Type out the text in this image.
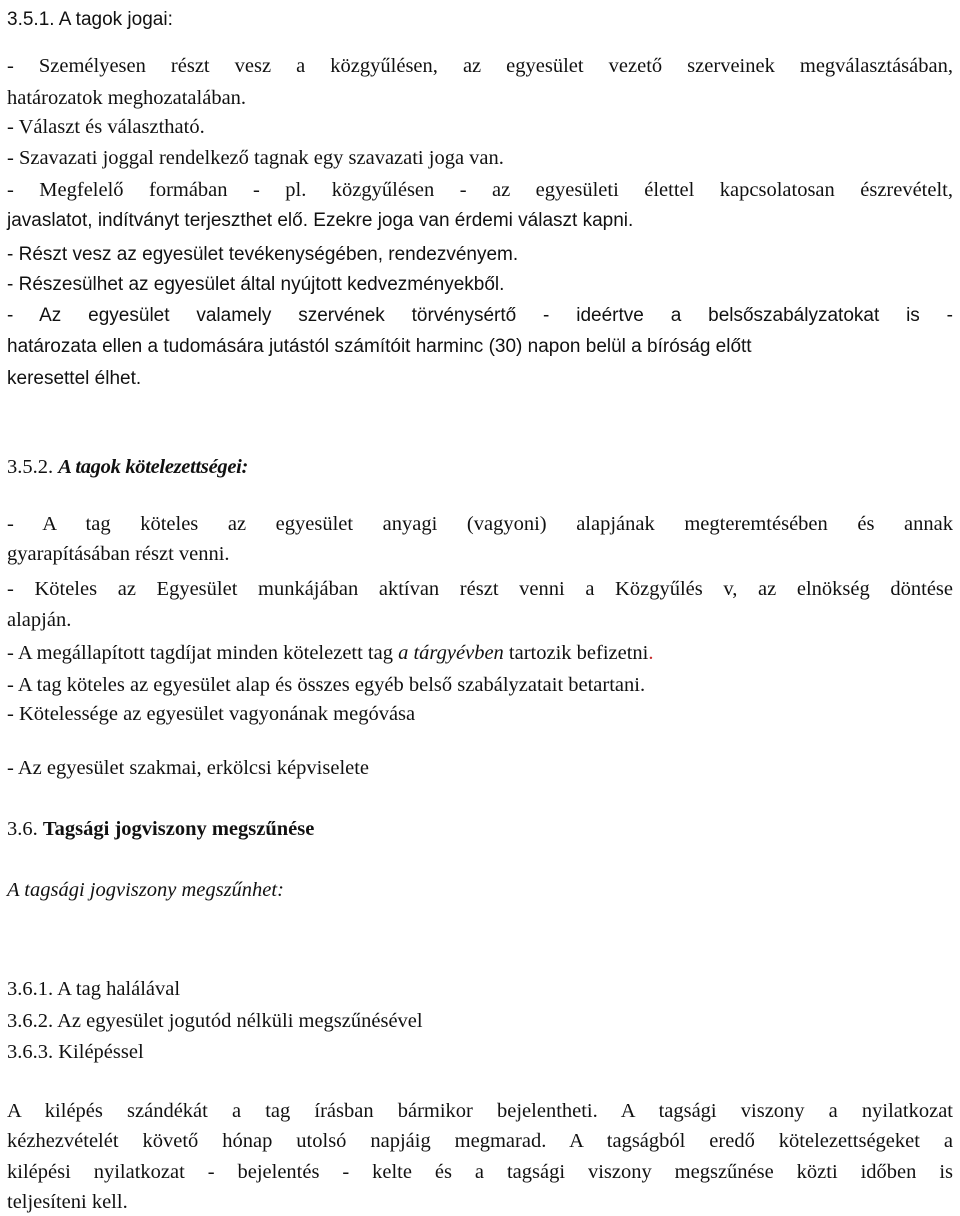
3.5.1. A tagok jogai:
- Személyesen részt vesz a közgyűlésen, az egyesület vezető szerveinek megválasztásában,
határozatok meghozatalában.
- Választ és választható.
- Szavazati joggal rendelkező tagnak egy szavazati joga van.
- Megfelelő formában - pl. közgyűlésen - az egyesületi élettel kapcsolatosan észrevételt,
javaslatot, indítványt terjeszthet elő. Ezekre joga van érdemi választ kapni.
- Részt vesz az egyesület tevékenységében, rendezvényem.
- Részesülhet az egyesület által nyújtott kedvezményekből.
- Az egyesület valamely szervének törvénysértő - ideértve a belsőszabályzatokat is -
határozata ellen a tudomására jutástól számítóit harminc (30) napon belül a bíróság előtt
keresettel élhet.
3.5.2. A tagok kötelezettségei:
- A tag köteles az egyesület anyagi (vagyoni) alapjának megteremtésében és annak
gyarapításában részt venni.
- Köteles az Egyesület munkájában aktívan részt venni a Közgyűlés v, az elnökség döntése
alapján.
- A megállapított tagdíjat minden kötelezett tag a tárgyévben tartozik befizetni.
- A tag köteles az egyesület alap és összes egyéb belső szabályzatait betartani.
- Kötelessége az egyesület vagyonának megóvása
- Az egyesület szakmai, erkölcsi képviselete
3.6. Tagsági jogviszony megszűnése
A tagsági jogviszony megszűnhet:
3.6.1. A tag halálával
3.6.2. Az egyesület jogutód nélküli megszűnésével
3.6.3. Kilépéssel
A kilépés szándékát a tag írásban bármikor bejelentheti. A tagsági viszony a nyilatkozat
kézhezvételét követő hónap utolsó napjáig megmarad. A tagságból eredő kötelezettségeket a
kilépési nyilatkozat - bejelentés - kelte és a tagsági viszony megszűnése közti időben is
teljesíteni kell.
